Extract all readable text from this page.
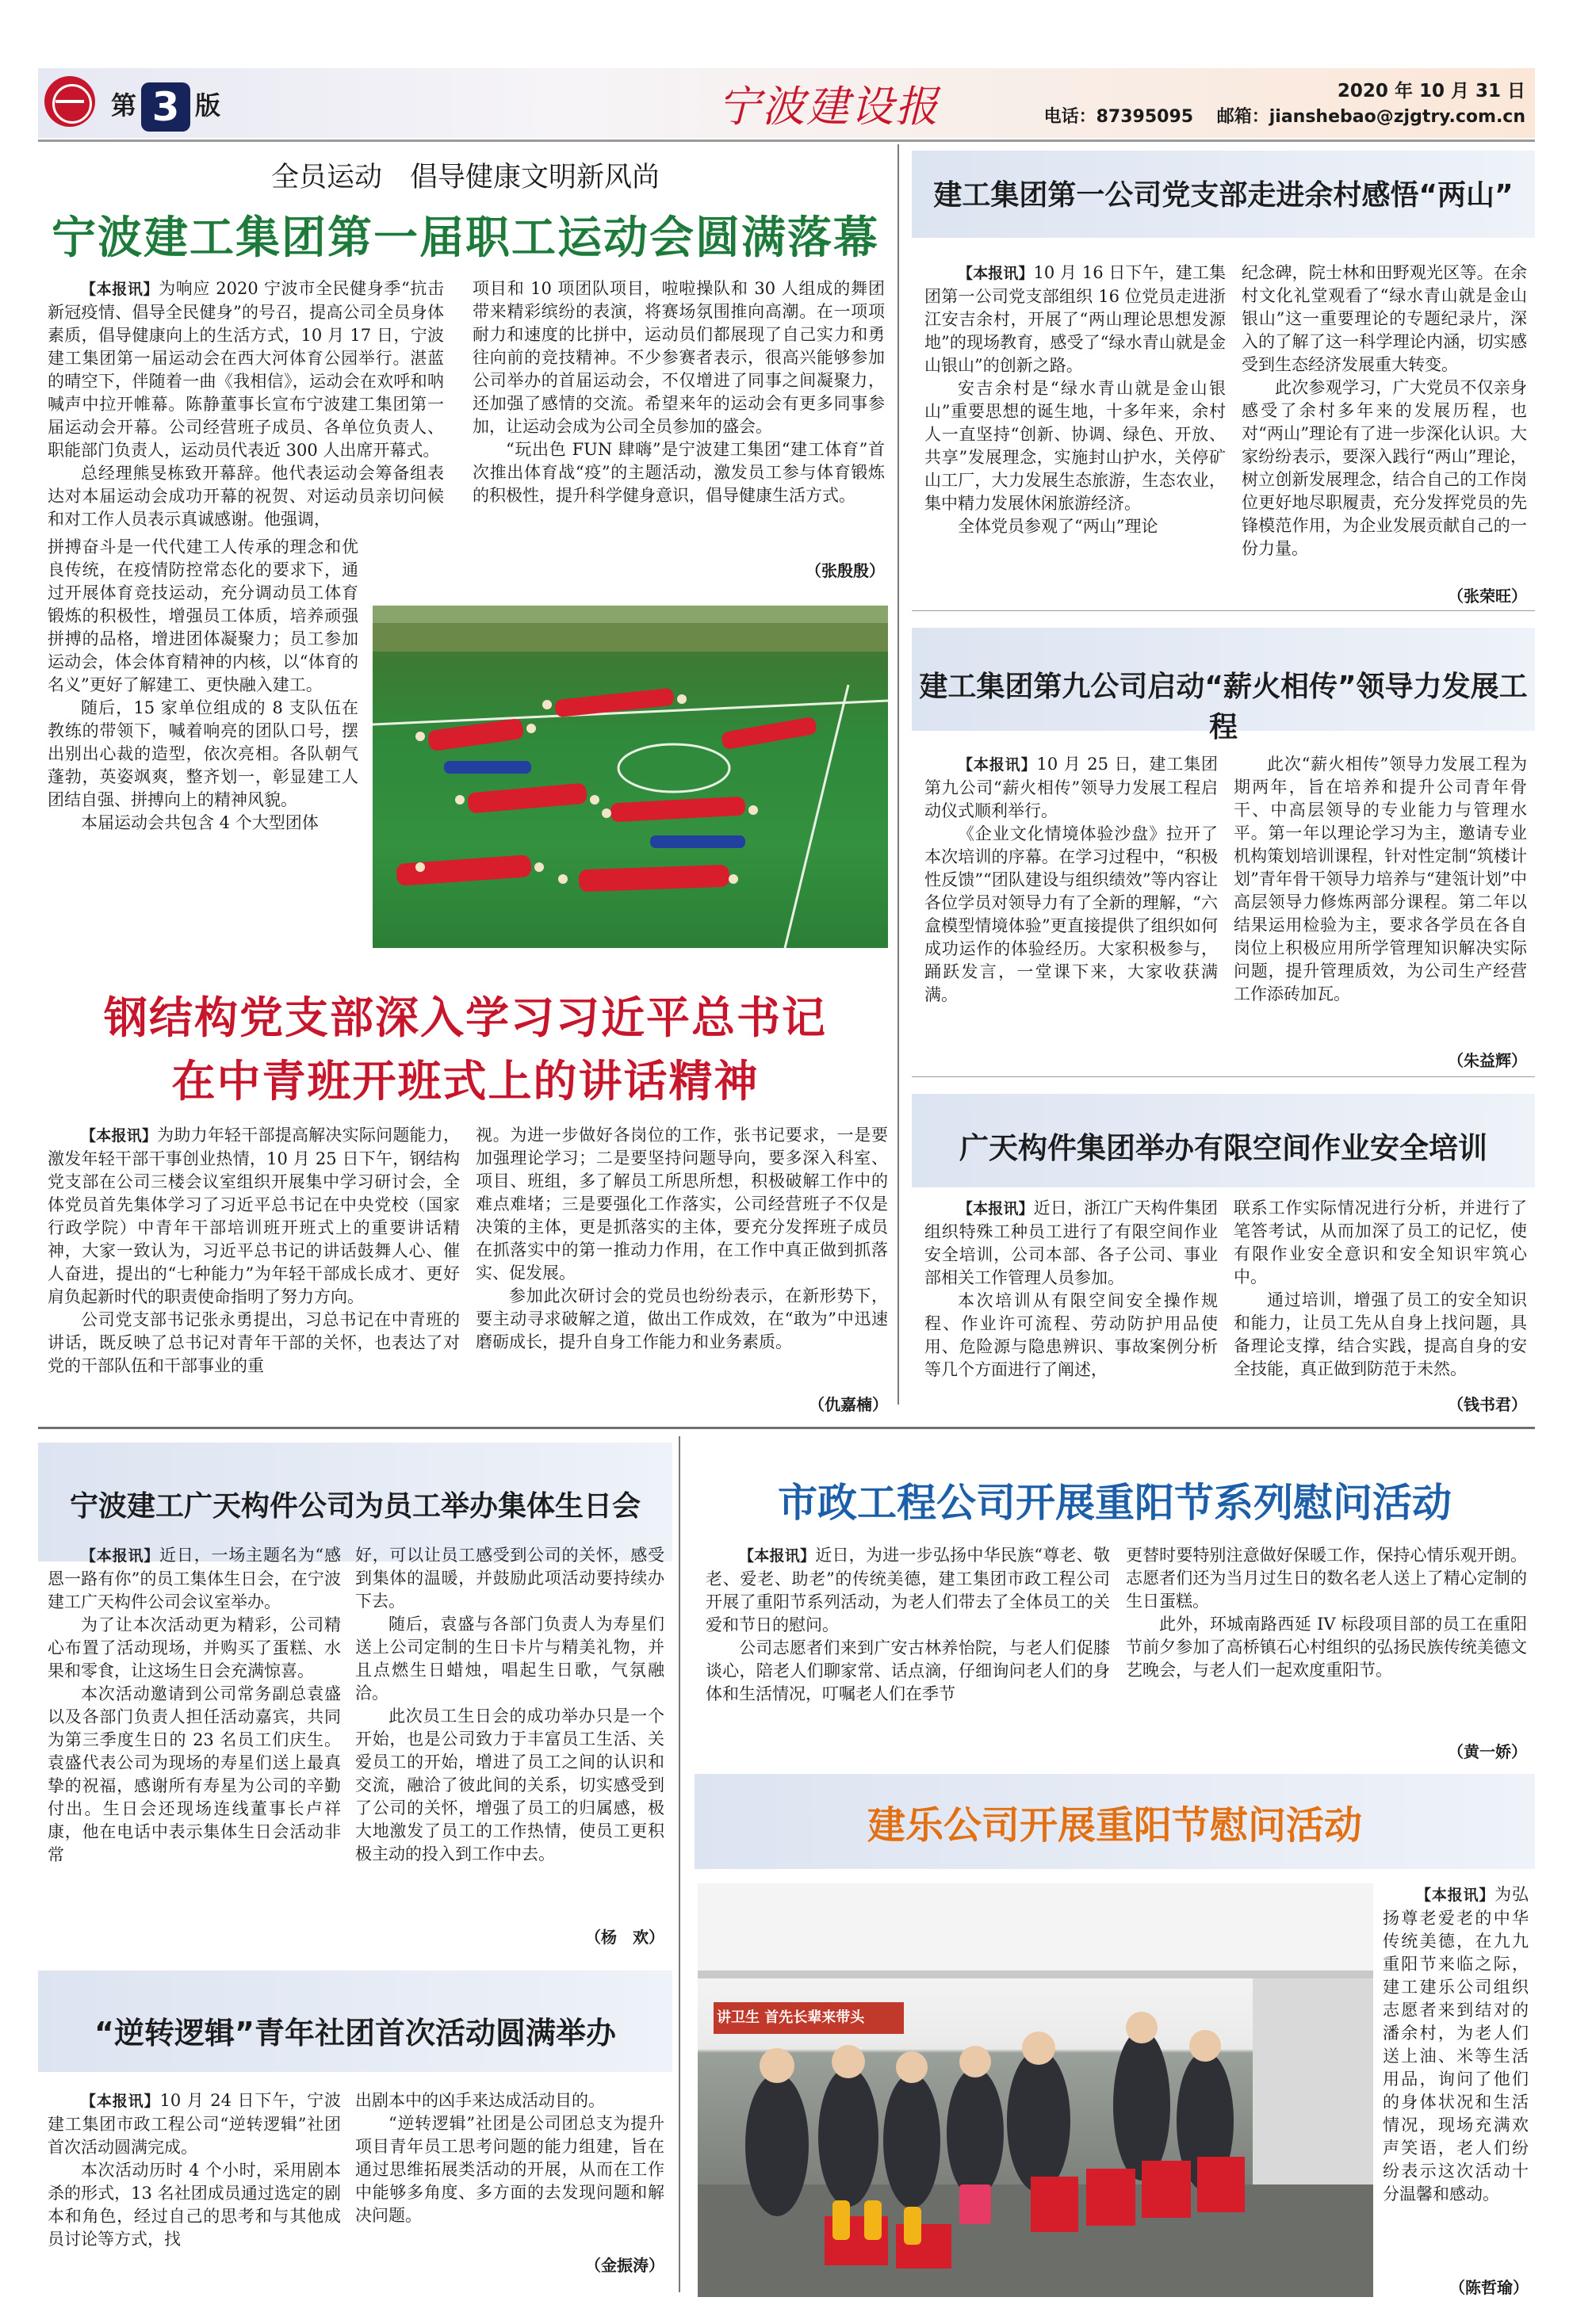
第 3 版	宁波建设报	2020 年 10 月 31 日
电话：87395095　 邮箱：jianshebao@zjgtry.com.cn
全员运动　倡导健康文明新风尚
宁波建工集团第一届职工运动会圆满落幕

【本报讯】为响应 2020 宁波市全民健身季“抗击新冠疫情、倡导全民健身”的号召，提高公司全员身体素质，倡导健康向上的生活方式，10 月 17 日，宁波建工集团第一届运动会在西大河体育公园举行。湛蓝的晴空下，伴随着一曲《我相信》，运动会在欢呼和呐喊声中拉开帷幕。陈静董事长宣布宁波建工集团第一届运动会开幕。公司经营班子成员、各单位负责人、职能部门负责人，运动员代表近 300 人出席开幕式。

总经理熊旻栋致开幕辞。他代表运动会筹备组表达对本届运动会成功开幕的祝贺、对运动员亲切问候和对工作人员表示真诚感谢。他强调，

拼搏奋斗是一代代建工人传承的理念和优良传统，在疫情防控常态化的要求下，通过开展体育竞技运动，充分调动员工体育锻炼的积极性，增强员工体质，培养顽强拼搏的品格，增进团体凝聚力；员工参加运动会，体会体育精神的内核，以“体育的名义”更好了解建工、更快融入建工。

随后，15 家单位组成的 8 支队伍在教练的带领下，喊着响亮的团队口号，摆出别出心裁的造型，依次亮相。各队朝气蓬勃，英姿飒爽，整齐划一，彰显建工人团结自强、拼搏向上的精神风貌。

本届运动会共包含 4 个大型团体

项目和 10 项团队项目，啦啦操队和 30 人组成的舞团带来精彩缤纷的表演，将赛场氛围推向高潮。在一项项耐力和速度的比拼中，运动员们都展现了自己实力和勇往向前的竞技精神。不少参赛者表示，很高兴能够参加公司举办的首届运动会，不仅增进了同事之间凝聚力，还加强了感情的交流。希望来年的运动会有更多同事参加，让运动会成为公司全员参加的盛会。

“玩出色 FUN 肆嗨”是宁波建工集团“建工体育”首次推出体育战“疫”的主题活动，激发员工参与体育锻炼的积极性，提升科学健身意识，倡导健康生活方式。

（张殷殷）
建工集团第一公司党支部走进余村感悟“两山”

【本报讯】10 月 16 日下午，建工集团第一公司党支部组织 16 位党员走进浙江安吉余村，开展了“两山理论思想发源地”的现场教育，感受了“绿水青山就是金山银山”的创新之路。

安吉余村是“绿水青山就是金山银山”重要思想的诞生地，十多年来，余村人一直坚持“创新、协调、绿色、开放、共享”发展理念，实施封山护水，关停矿山工厂，大力发展生态旅游，生态农业，集中精力发展休闲旅游经济。

全体党员参观了“两山”理论

纪念碑，院士林和田野观光区等。在余村文化礼堂观看了“绿水青山就是金山银山”这一重要理论的专题纪录片，深入的了解了这一科学理论内涵，切实感受到生态经济发展重大转变。

此次参观学习，广大党员不仅亲身感受了余村多年来的发展历程，也对“两山”理论有了进一步深化认识。大家纷纷表示，要深入践行“两山”理论，树立创新发展理念，结合自己的工作岗位更好地尽职履责，充分发挥党员的先锋模范作用，为企业发展贡献自己的一份力量。

（张荣旺）
建工集团第九公司启动“薪火相传”领导力发展工程

【本报讯】10 月 25 日，建工集团第九公司“薪火相传”领导力发展工程启动仪式顺利举行。

《企业文化情境体验沙盘》拉开了本次培训的序幕。在学习过程中，“积极性反馈”“团队建设与组织绩效”等内容让各位学员对领导力有了全新的理解，“六盒模型情境体验”更直接提供了组织如何成功运作的体验经历。大家积极参与，踊跃发言，一堂课下来，大家收获满满。

此次“薪火相传”领导力发展工程为期两年，旨在培养和提升公司青年骨干、中高层领导的专业能力与管理水平。第一年以理论学习为主，邀请专业机构策划培训课程，针对性定制“筑楼计划”青年骨干领导力培养与“建瓴计划”中高层领导力修炼两部分课程。第二年以结果运用检验为主，要求各学员在各自岗位上积极应用所学管理知识解决实际问题，提升管理质效，为公司生产经营工作添砖加瓦。

（朱益辉）
钢结构党支部深入学习习近平总书记
在中青班开班式上的讲话精神

【本报讯】为助力年轻干部提高解决实际问题能力，激发年轻干部干事创业热情，10 月 25 日下午，钢结构党支部在公司三楼会议室组织开展集中学习研讨会，全体党员首先集体学习了习近平总书记在中央党校（国家行政学院）中青年干部培训班开班式上的重要讲话精神，大家一致认为，习近平总书记的讲话鼓舞人心、催人奋进，提出的“七种能力”为年轻干部成长成才、更好肩负起新时代的职责使命指明了努力方向。

公司党支部书记张永勇提出，习总书记在中青班的讲话，既反映了总书记对青年干部的关怀，也表达了对党的干部队伍和干部事业的重

视。为进一步做好各岗位的工作，张书记要求，一是要加强理论学习；二是要坚持问题导向，要多深入科室、项目、班组，多了解员工所思所想，积极破解工作中的难点难堵；三是要强化工作落实，公司经营班子不仅是决策的主体，更是抓落实的主体，要充分发挥班子成员在抓落实中的第一推动力作用，在工作中真正做到抓落实、促发展。

参加此次研讨会的党员也纷纷表示，在新形势下，要主动寻求破解之道，做出工作成效，在“敢为”中迅速磨砺成长，提升自身工作能力和业务素质。

（仇嘉楠）
广天构件集团举办有限空间作业安全培训

【本报讯】近日，浙江广天构件集团组织特殊工种员工进行了有限空间作业安全培训，公司本部、各子公司、事业部相关工作管理人员参加。

本次培训从有限空间安全操作规程、作业许可流程、劳动防护用品使用、危险源与隐患辨识、事故案例分析等几个方面进行了阐述，

联系工作实际情况进行分析，并进行了笔答考试，从而加深了员工的记忆，使有限作业安全意识和安全知识牢筑心中。

通过培训，增强了员工的安全知识和能力，让员工先从自身上找问题，具备理论支撑，结合实践，提高自身的安全技能，真正做到防范于未然。

（钱书君）
宁波建工广天构件公司为员工举办集体生日会

【本报讯】近日，一场主题名为“感恩一路有你”的员工集体生日会，在宁波建工广天构件公司会议室举办。

为了让本次活动更为精彩，公司精心布置了活动现场，并购买了蛋糕、水果和零食，让这场生日会充满惊喜。

本次活动邀请到公司常务副总袁盛以及各部门负责人担任活动嘉宾，共同为第三季度生日的 23 名员工们庆生。袁盛代表公司为现场的寿星们送上最真挚的祝福，感谢所有寿星为公司的辛勤付出。生日会还现场连线董事长卢祥康，他在电话中表示集体生日会活动非常

好，可以让员工感受到公司的关怀，感受到集体的温暖，并鼓励此项活动要持续办下去。

随后，袁盛与各部门负责人为寿星们送上公司定制的生日卡片与精美礼物，并且点燃生日蜡烛，唱起生日歌，气氛融洽。

此次员工生日会的成功举办只是一个开始，也是公司致力于丰富员工生活、关爱员工的开始，增进了员工之间的认识和交流，融洽了彼此间的关系，切实感受到了公司的关怀，增强了员工的归属感，极大地激发了员工的工作热情，使员工更积极主动的投入到工作中去。

（杨　欢）
市政工程公司开展重阳节系列慰问活动

【本报讯】近日，为进一步弘扬中华民族“尊老、敬老、爱老、助老”的传统美德，建工集团市政工程公司开展了重阳节系列活动，为老人们带去了全体员工的关爱和节日的慰问。

公司志愿者们来到广安古林养怡院，与老人们促膝谈心，陪老人们聊家常、话点滴，仔细询问老人们的身体和生活情况，叮嘱老人们在季节

更替时要特别注意做好保暖工作，保持心情乐观开朗。志愿者们还为当月过生日的数名老人送上了精心定制的生日蛋糕。

此外，环城南路西延 IV 标段项目部的员工在重阳节前夕参加了高桥镇石心村组织的弘扬民族传统美德文艺晚会，与老人们一起欢度重阳节。

（黄一娇）
“逆转逻辑”青年社团首次活动圆满举办

【本报讯】10 月 24 日下午，宁波建工集团市政工程公司“逆转逻辑”社团首次活动圆满完成。

本次活动历时 4 个小时，采用剧本杀的形式，13 名社团成员通过选定的剧本和角色，经过自己的思考和与其他成员讨论等方式，找

出剧本中的凶手来达成活动目的。

“逆转逻辑”社团是公司团总支为提升项目青年员工思考问题的能力组建，旨在通过思维拓展类活动的开展，从而在工作中能够多角度、多方面的去发现问题和解决问题。

（金振涛）
建乐公司开展重阳节慰问活动
讲卫生 首先长辈来带头

【本报讯】为弘扬尊老爱老的中华传统美德，在九九重阳节来临之际，建工建乐公司组织志愿者来到结对的潘余村，为老人们送上油、米等生活用品，询问了他们的身体状况和生活情况，现场充满欢声笑语，老人们纷纷表示这次活动十分温馨和感动。

（陈哲瑜）
